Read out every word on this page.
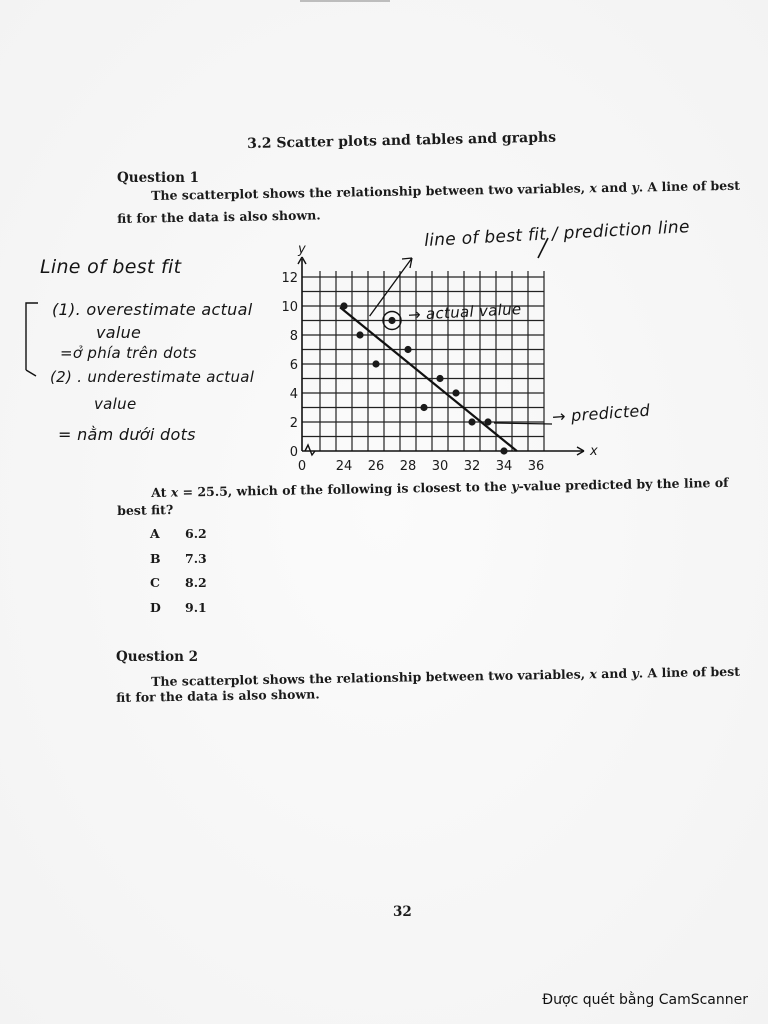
3.2 Scatter plots and tables and graphs
Question 1
The scatterplot shows the relationship between two variables, x and y. A line of best
fit for the data is also shown.
x
y
0
2
4
6
8
10
12
0 24 26 28 30 32 34 36
At x = 25.5, which of the following is closest to the y-value predicted by the line of
best fit?
A	6.2
B	7.3
C	8.2
D	9.1
Question 2
The scatterplot shows the relationship between two variables, x and y. A line of best
fit for the data is also shown.
Line of best fit
(1). overestimate actual
value
=ở phía trên dots
(2) . underestimate actual
value
= nằm dưới dots
line of best fit / prediction line
→ actual value
→ predicted
32
Được quét bằng CamScanner
